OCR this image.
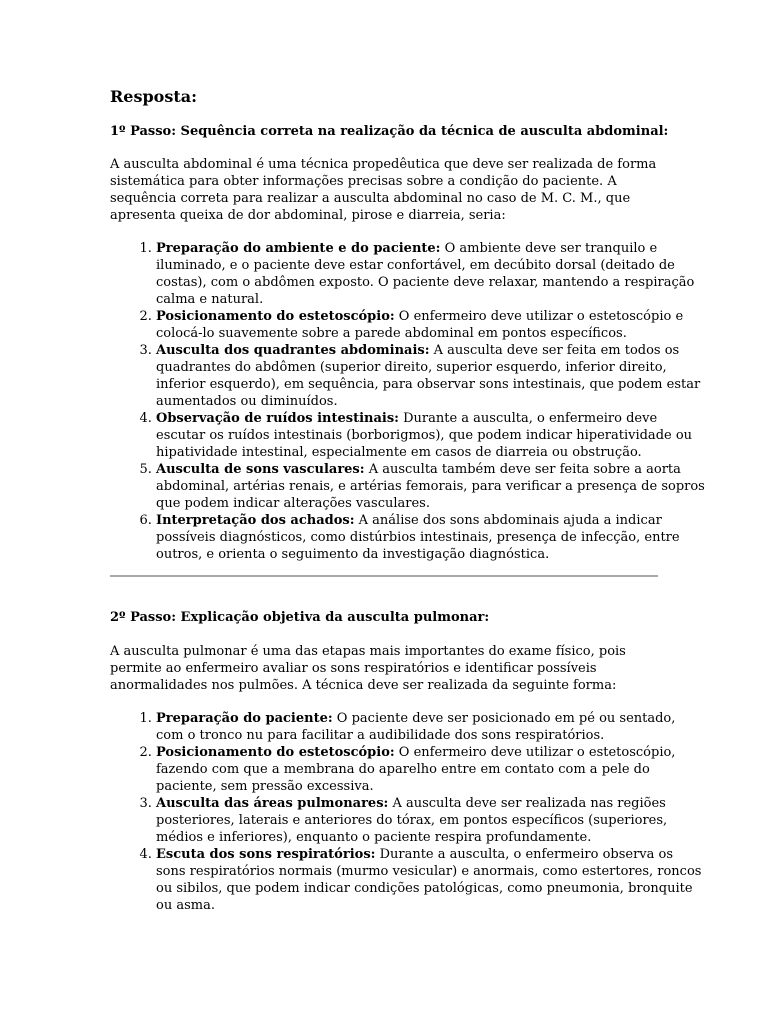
Resposta:
1º Passo: Sequência correta na realização da técnica de ausculta abdominal:

A ausculta abdominal é uma técnica propedêutica que deve ser realizada de forma sistemática para obter informações precisas sobre a condição do paciente. A sequência correta para realizar a ausculta abdominal no caso de M. C. M., que apresenta queixa de dor abdominal, pirose e diarreia, seria:

1. Preparação do ambiente e do paciente: O ambiente deve ser tranquilo e iluminado, e o paciente deve estar confortável, em decúbito dorsal (deitado de costas), com o abdômen exposto. O paciente deve relaxar, mantendo a respiração calma e natural.
2. Posicionamento do estetoscópio: O enfermeiro deve utilizar o estetoscópio e colocá-lo suavemente sobre a parede abdominal em pontos específicos.
3. Ausculta dos quadrantes abdominais: A ausculta deve ser feita em todos os quadrantes do abdômen (superior direito, superior esquerdo, inferior direito, inferior esquerdo), em sequência, para observar sons intestinais, que podem estar aumentados ou diminuídos.
4. Observação de ruídos intestinais: Durante a ausculta, o enfermeiro deve escutar os ruídos intestinais (borborigmos), que podem indicar hiperatividade ou hipatividade intestinal, especialmente em casos de diarreia ou obstrução.
5. Ausculta de sons vasculares: A ausculta também deve ser feita sobre a aorta abdominal, artérias renais, e artérias femorais, para verificar a presença de sopros que podem indicar alterações vasculares.
6. Interpretação dos achados: A análise dos sons abdominais ajuda a indicar possíveis diagnósticos, como distúrbios intestinais, presença de infecção, entre outros, e orienta o seguimento da investigação diagnóstica.
2º Passo: Explicação objetiva da ausculta pulmonar:

A ausculta pulmonar é uma das etapas mais importantes do exame físico, pois permite ao enfermeiro avaliar os sons respiratórios e identificar possíveis anormalidades nos pulmões. A técnica deve ser realizada da seguinte forma:

1. Preparação do paciente: O paciente deve ser posicionado em pé ou sentado, com o tronco nu para facilitar a audibilidade dos sons respiratórios.
2. Posicionamento do estetoscópio: O enfermeiro deve utilizar o estetoscópio, fazendo com que a membrana do aparelho entre em contato com a pele do paciente, sem pressão excessiva.
3. Ausculta das áreas pulmonares: A ausculta deve ser realizada nas regiões posteriores, laterais e anteriores do tórax, em pontos específicos (superiores, médios e inferiores), enquanto o paciente respira profundamente.
4. Escuta dos sons respiratórios: Durante a ausculta, o enfermeiro observa os sons respiratórios normais (murmo vesicular) e anormais, como estertores, roncos ou sibilos, que podem indicar condições patológicas, como pneumonia, bronquite ou asma.
